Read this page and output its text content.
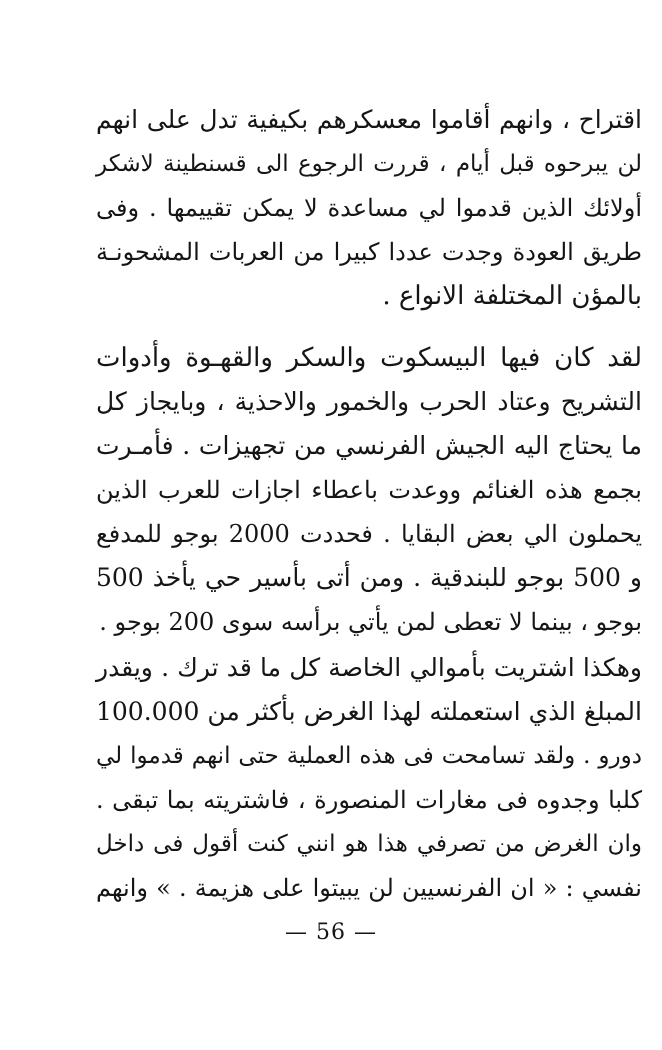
اقتراح ، وانهم أقاموا معسكرهم بكيفية تدل على انهم
لن يبرحوه قبل أيام ، قررت الرجوع الى قسنطينة لاشكر
أولائك الذين قدموا لي مساعدة لا يمكن تقييمها . وفى
طريق العودة وجدت عددا كبيرا من العربات المشحونـة
بالمؤن المختلفة الانواع .
لقد كان فيها البيسكوت والسكر والقهـوة وأدوات
التشريح وعتاد الحرب والخمور والاحذية ، وبايجاز كل
ما يحتاج اليه الجيش الفرنسي من تجهيزات . فأمـرت
بجمع هذه الغنائم ووعدت باعطاء اجازات للعرب الذين
يحملون الي بعض البقايا . فحددت 2000 بوجو للمدفع
و 500 بوجو للبندقية . ومن أتى بأسير حي يأخذ 500
بوجو ، بينما لا تعطى لمن يأتي برأسه سوى 200 بوجو .
وهكذا اشتريت بأموالي الخاصة كل ما قد ترك . ويقدر
المبلغ الذي استعملته لهذا الغرض بأكثر من 100.000
دورو . ولقد تسامحت فى هذه العملية حتى انهم قدموا لي
كلبا وجدوه فى مغارات المنصورة ، فاشتريته بما تبقى .
وان الغرض من تصرفي هذا هو انني كنت أقول فى داخل
نفسي : « ان الفرنسيين لن يبيتوا على هزيمة . » وانهم
— 56 —
